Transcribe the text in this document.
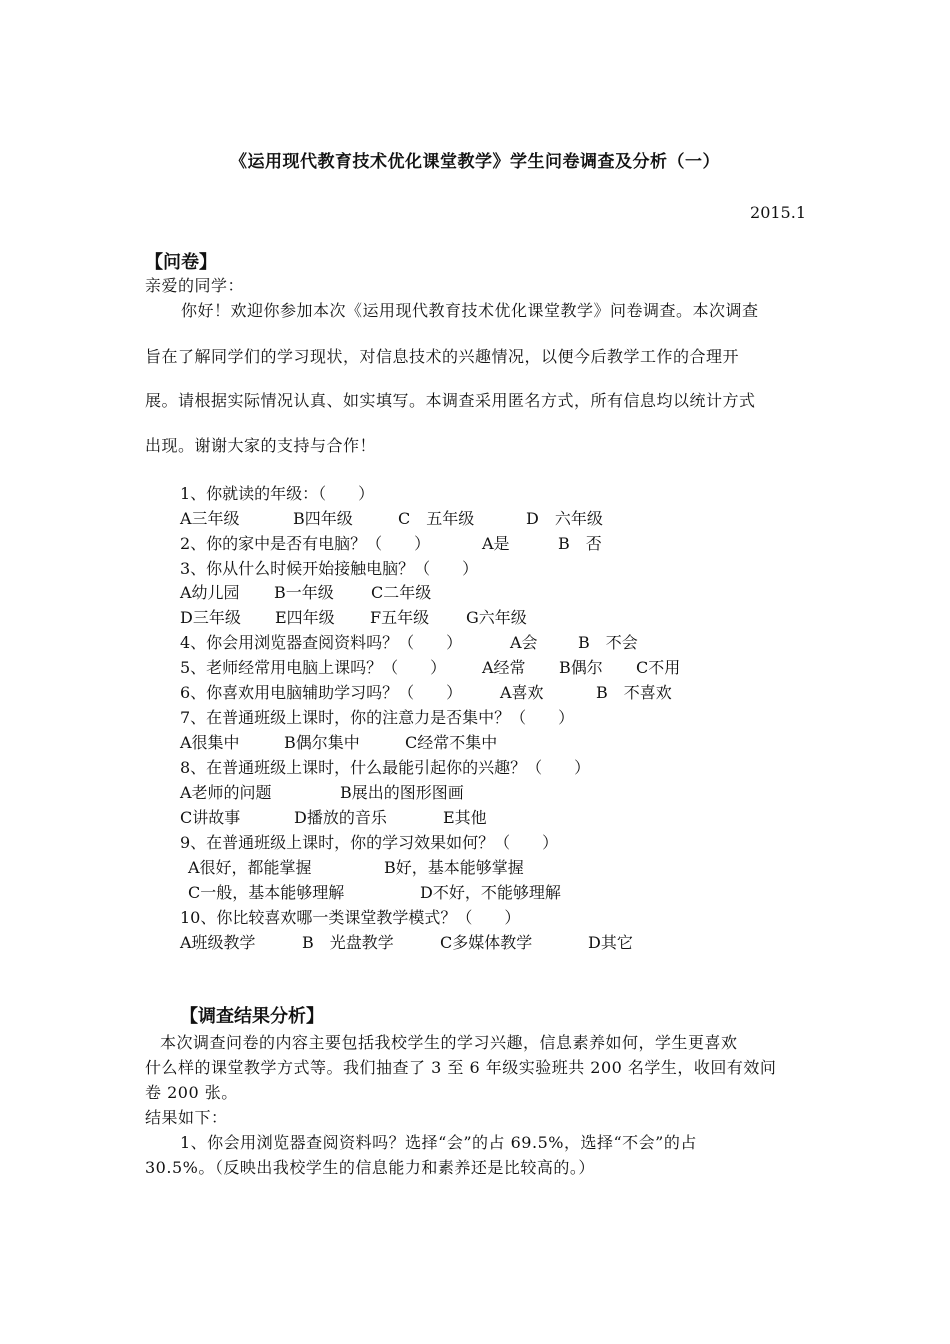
《运用现代教育技术优化课堂教学》学生问卷调查及分析（一）
2015.1
【问卷】
亲爱的同学：
你好！欢迎你参加本次《运用现代教育技术优化课堂教学》问卷调查。本次调查
旨在了解同学们的学习现状，对信息技术的兴趣情况，以便今后教学工作的合理开
展。请根据实际情况认真、如实填写。本调查采用匿名方式，所有信息均以统计方式
出现。谢谢大家的支持与合作！
1、你就读的年级：（　　）
A三年级	B四年级	C　五年级	D　六年级
2、你的家中是否有电脑？（　　）	A是	B　否
3、你从什么时候开始接触电脑？（　　）
A幼儿园 B一年级 C二年级
D三年级 E四年级 F五年级 G六年级
4、你会用浏览器查阅资料吗？（　　）	A会	B　不会
5、老师经常用电脑上课吗？（　　） A经常 B偶尔 C不用
6、你喜欢用电脑辅助学习吗？（　　） A喜欢	B　不喜欢
7、在普通班级上课时，你的注意力是否集中？（　　）
A很集中	B偶尔集中	C经常不集中
8、在普通班级上课时，什么最能引起你的兴趣？（　　）
A老师的问题	B展出的图形图画
C讲故事	D播放的音乐	E其他
9、在普通班级上课时，你的学习效果如何？（　　）
A很好，都能掌握	B好，基本能够掌握
C一般，基本能够理解	D不好，不能够理解
10、你比较喜欢哪一类课堂教学模式？（　　）
A班级教学	B　光盘教学	C多媒体教学	D其它
【调查结果分析】
本次调查问卷的内容主要包括我校学生的学习兴趣，信息素养如何，学生更喜欢
什么样的课堂教学方式等。我们抽查了 3 至 6 年级实验班共 200 名学生，收回有效问
卷 200 张。
结果如下：
1、你会用浏览器查阅资料吗？选择“会”的占 69.5%，选择“不会”的占
30.5%。（反映出我校学生的信息能力和素养还是比较高的。）
